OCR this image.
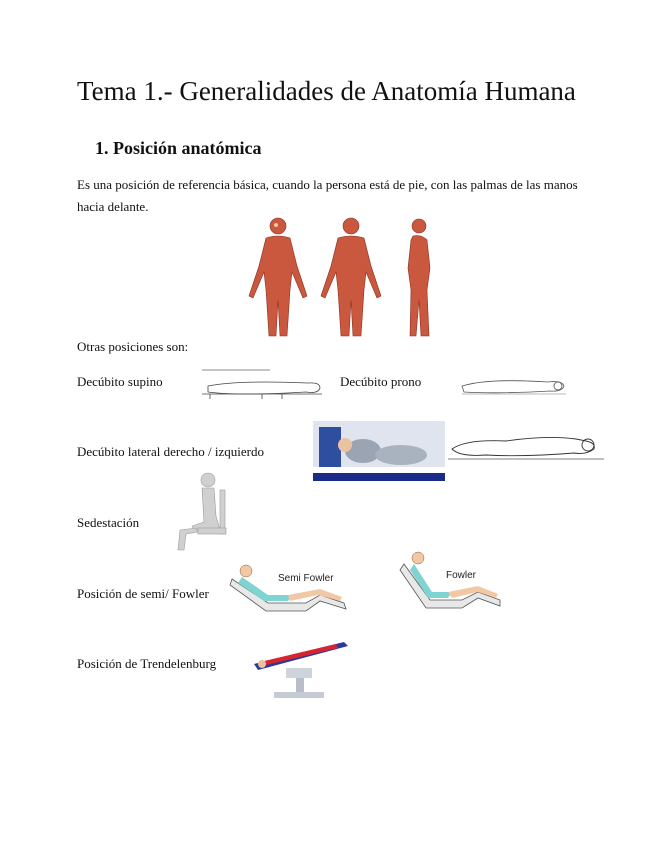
Tema 1.- Generalidades de Anatomía Humana
1. Posición anatómica
Es una posición de referencia básica, cuando la persona está de pie, con las palmas de las manos hacia delante.
Otras posiciones son:
Decúbito supino	Decúbito prono
Decúbito lateral derecho / izquierdo
Sedestación
Posición de semi/ Fowler
Semi Fowler	Fowler
Posición de Trendelenburg
